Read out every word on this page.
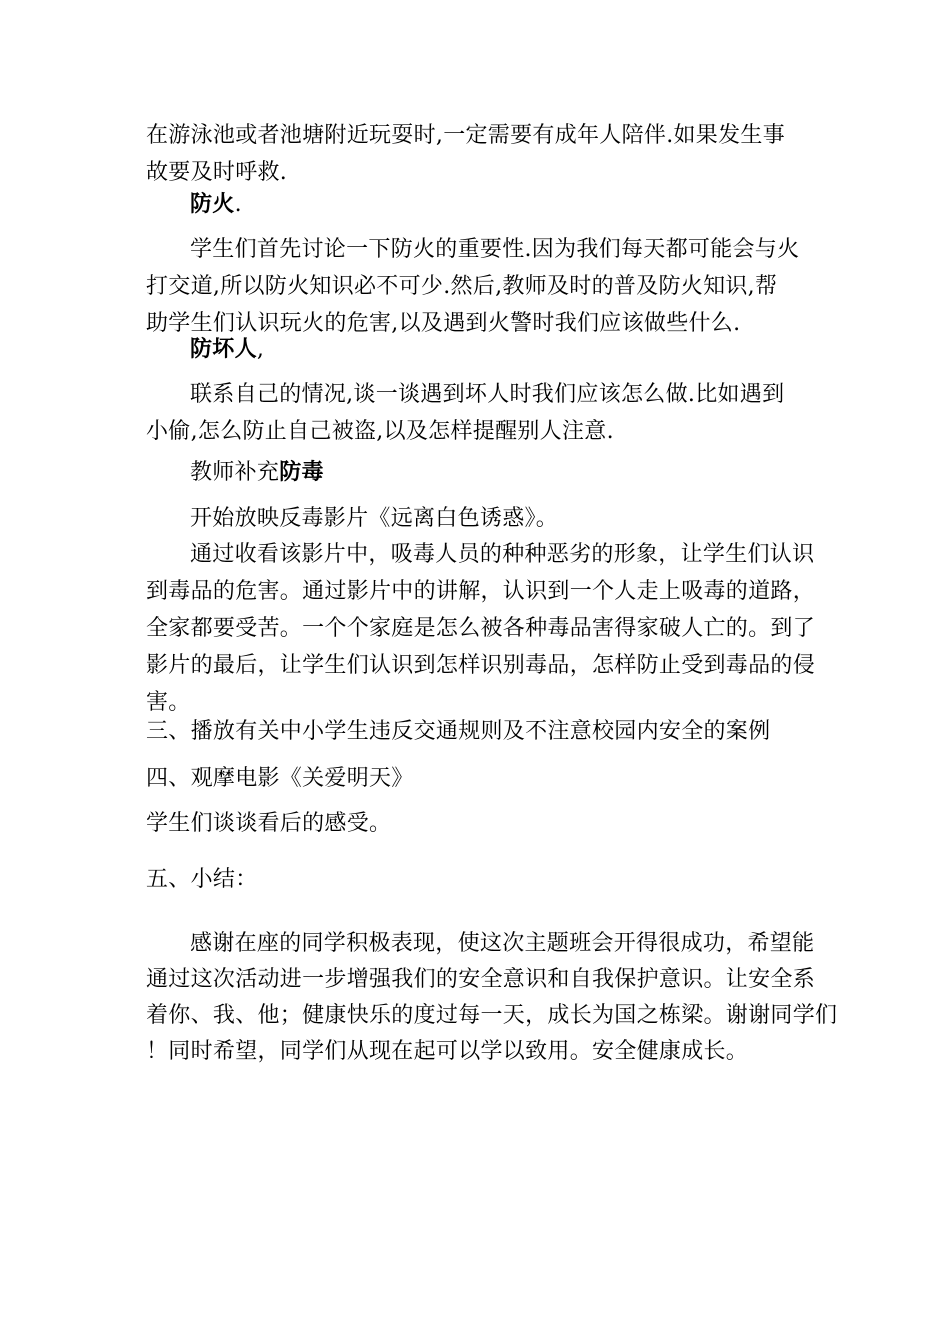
在游泳池或者池塘附近玩耍时,一定需要有成年人陪伴.如果发生事
故要及时呼救.
防火.
学生们首先讨论一下防火的重要性.因为我们每天都可能会与火
打交道,所以防火知识必不可少.然后,教师及时的普及防火知识,帮
助学生们认识玩火的危害,以及遇到火警时我们应该做些什么.
防坏人,
联系自己的情况,谈一谈遇到坏人时我们应该怎么做.比如遇到
小偷,怎么防止自己被盗,以及怎样提醒别人注意.
教师补充防毒
开始放映反毒影片《远离白色诱惑》。
通过收看该影片中，吸毒人员的种种恶劣的形象，让学生们认识
到毒品的危害。通过影片中的讲解，认识到一个人走上吸毒的道路，
全家都要受苦。一个个家庭是怎么被各种毒品害得家破人亡的。到了
影片的最后，让学生们认识到怎样识别毒品，怎样防止受到毒品的侵
害。
三、播放有关中小学生违反交通规则及不注意校园内安全的案例
四、观摩电影《关爱明天》
学生们谈谈看后的感受。
五、小结：
感谢在座的同学积极表现，使这次主题班会开得很成功，希望能
通过这次活动进一步增强我们的安全意识和自我保护意识。让安全系
着你、我、他；健康快乐的度过每一天，成长为国之栋梁。谢谢同学们
！同时希望，同学们从现在起可以学以致用。安全健康成长。
